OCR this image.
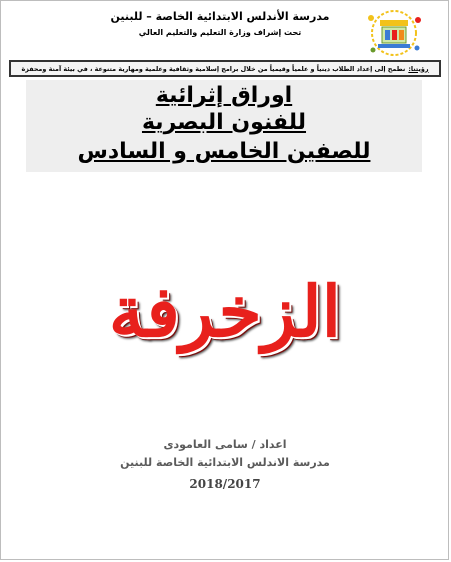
مدرسة الأندلس الابتدائية الخاصة – للبنين
تحت إشراف وزارة التعليم والتعليم العالي
رؤيتنا:
نطمح إلى إعداد الطلاب دينياً و علمياً وقيمياً من خلال برامج إسلامية وثقافية وعلمية ومهارية متنوعة ، في بيئة آمنة ومحفزة
اوراق إثرائية
للفنون البصرية
للصفين الخامس و السادس
الزخرفة
اعداد / سامى العامودى
مدرسة الاندلس الابتدائية الخاصة للبنين
2018/2017
